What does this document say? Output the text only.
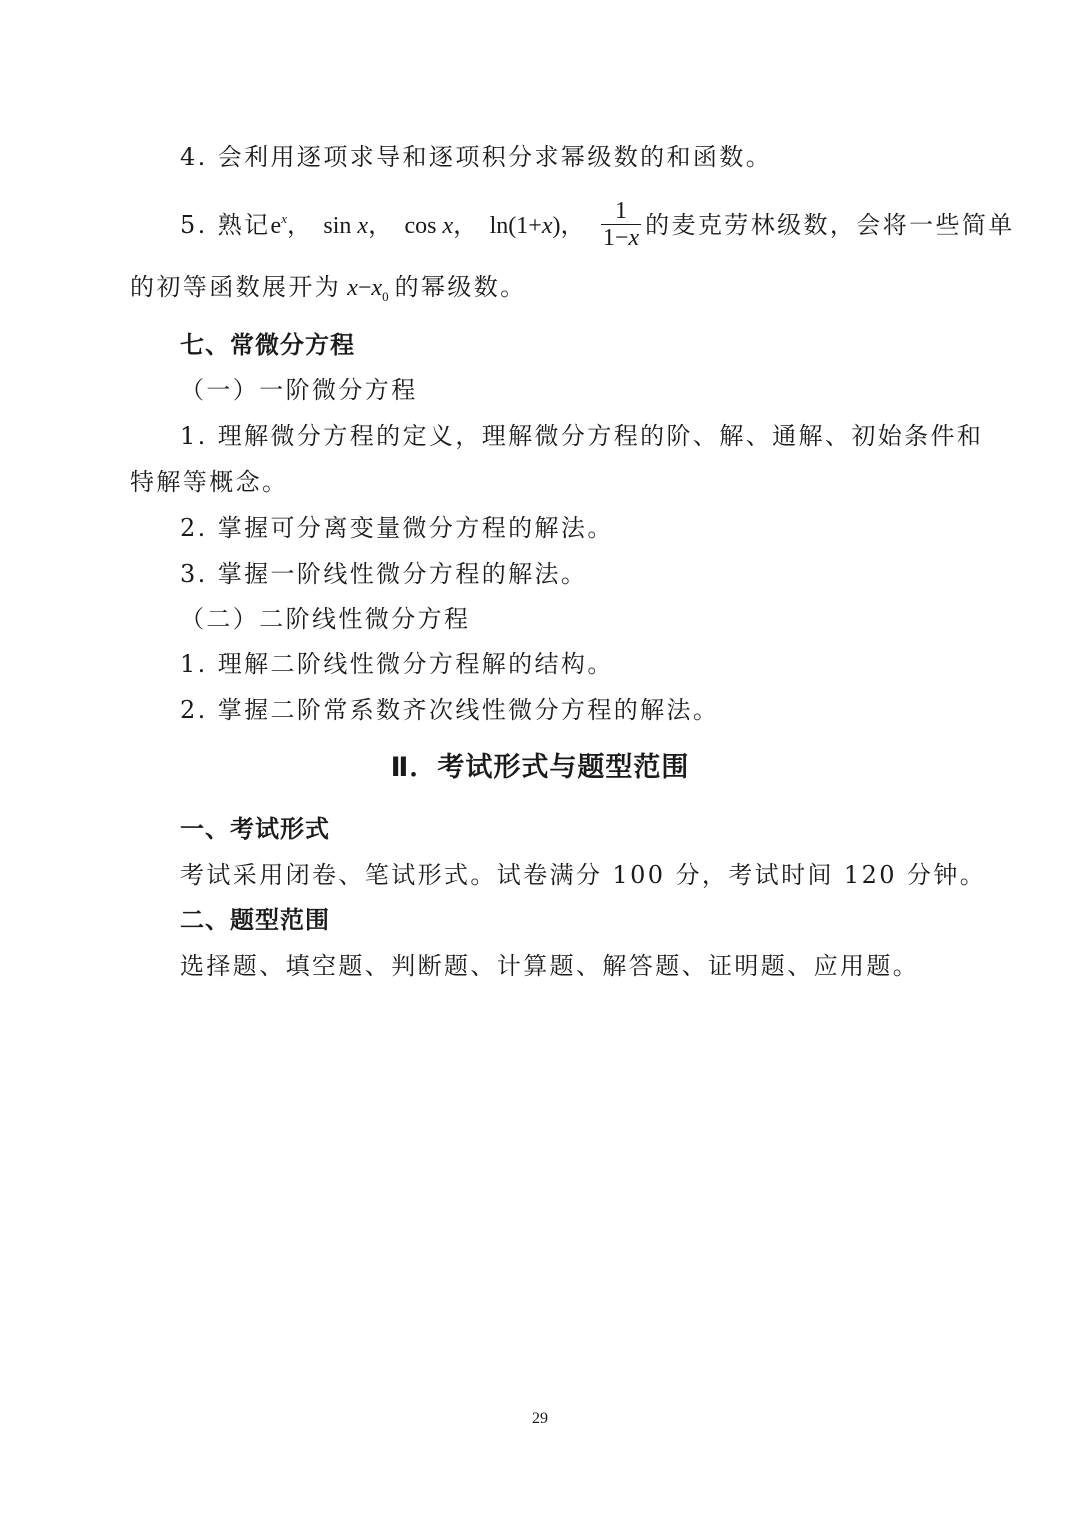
4. 会利用逐项求导和逐项积分求幂级数的和函数。
5. 熟记$e^x$， sin x， cos x， ln(1+x)， $\frac{1}{1-x}$ 的麦克劳林级数，会将一些简单
的初等函数展开为 $x-x_0$ 的幂级数。
七、常微分方程
（一）一阶微分方程
1. 理解微分方程的定义，理解微分方程的阶、解、通解、初始条件和
特解等概念。
2. 掌握可分离变量微分方程的解法。
3. 掌握一阶线性微分方程的解法。
（二）二阶线性微分方程
1. 理解二阶线性微分方程解的结构。
2. 掌握二阶常系数齐次线性微分方程的解法。
Ⅱ．考试形式与题型范围
一、考试形式
考试采用闭卷、笔试形式。试卷满分 100 分，考试时间 120 分钟。
二、题型范围
选择题、填空题、判断题、计算题、解答题、证明题、应用题。
29
